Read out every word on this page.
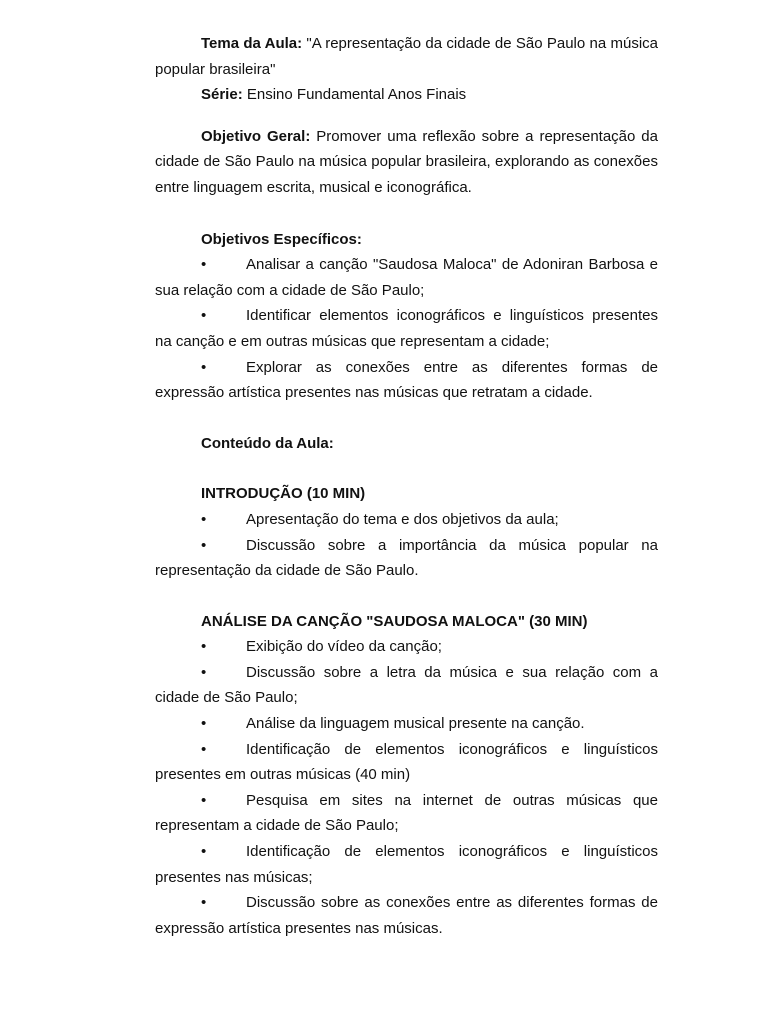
Tema da Aula: "A representação da cidade de São Paulo na música popular brasileira"

Série: Ensino Fundamental Anos Finais

Objetivo Geral: Promover uma reflexão sobre a representação da cidade de São Paulo na música popular brasileira, explorando as conexões entre linguagem escrita, musical e iconográfica.

Objetivos Específicos:

•	Analisar a canção "Saudosa Maloca" de Adoniran Barbosa e sua relação com a cidade de São Paulo;

•	Identificar elementos iconográficos e linguísticos presentes na canção e em outras músicas que representam a cidade;

•	Explorar as conexões entre as diferentes formas de expressão artística presentes nas músicas que retratam a cidade.

Conteúdo da Aula:

INTRODUÇÃO (10 MIN)

•	Apresentação do tema e dos objetivos da aula;

•	Discussão sobre a importância da música popular na representação da cidade de São Paulo.

ANÁLISE DA CANÇÃO "SAUDOSA MALOCA" (30 MIN)

•	Exibição do vídeo da canção;

•	Discussão sobre a letra da música e sua relação com a cidade de São Paulo;

•	Análise da linguagem musical presente na canção.

•	Identificação de elementos iconográficos e linguísticos presentes em outras músicas (40 min)

•	Pesquisa em sites na internet de outras músicas que representam a cidade de São Paulo;

•	Identificação de elementos iconográficos e linguísticos presentes nas músicas;

•	Discussão sobre as conexões entre as diferentes formas de expressão artística presentes nas músicas.
